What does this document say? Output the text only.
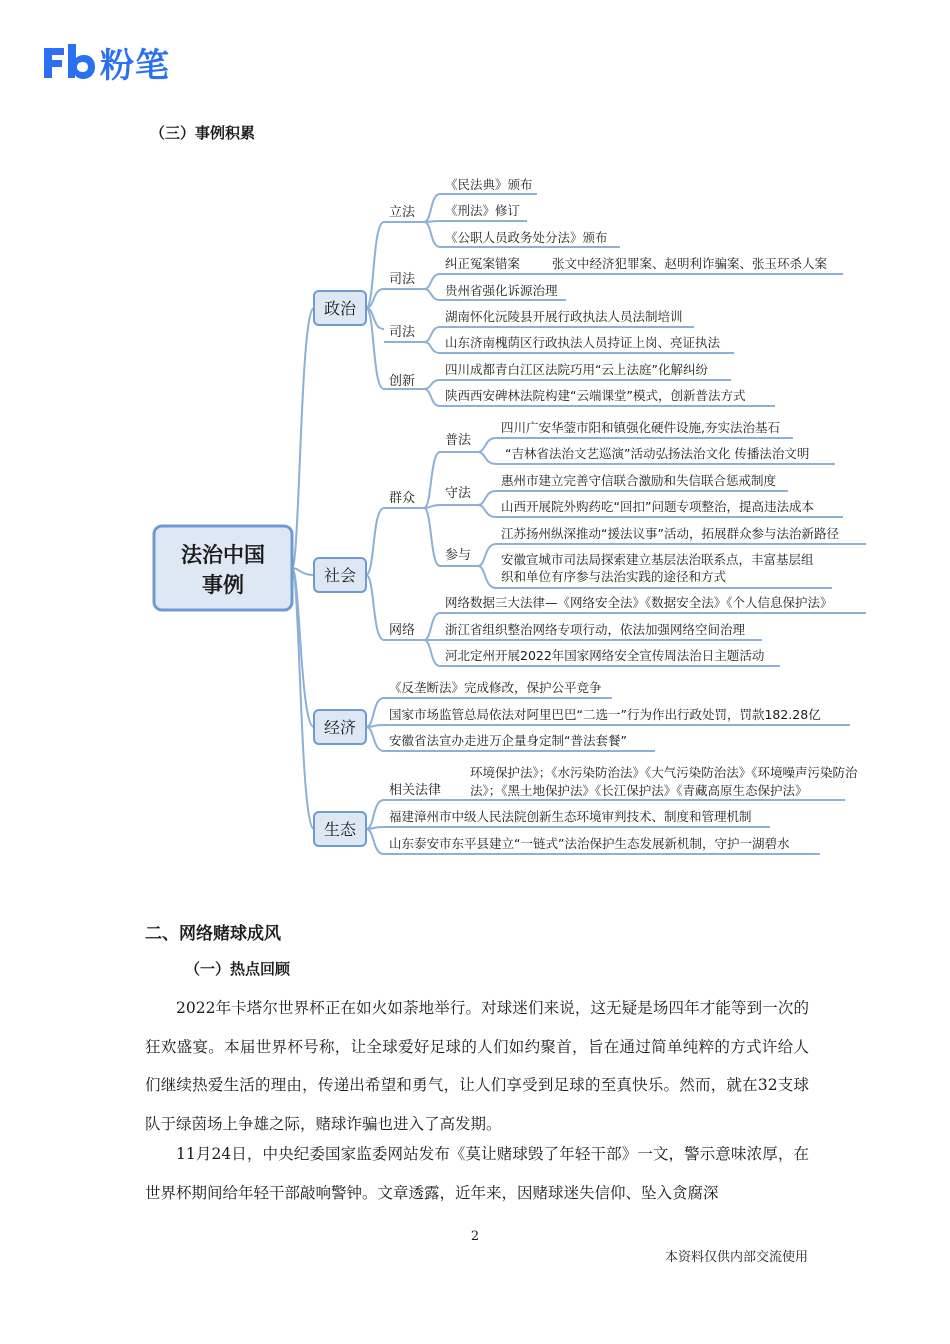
粉笔
（三）事例积累
法治中国
事例
政治
社会
经济
生态
立法
司法
司法
创新
《民法典》颁布
《刑法》修订
《公职人员政务处分法》颁布
纠正冤案错案	张文中经济犯罪案、赵明利诈骗案、张玉环杀人案
贵州省强化诉源治理
湖南怀化沅陵县开展行政执法人员法制培训
山东济南槐荫区行政执法人员持证上岗、亮证执法
四川成都青白江区法院巧用“云上法庭”化解纠纷
陕西西安碑林法院构建“云端课堂”模式，创新普法方式
群众
网络
普法
守法
参与
四川广安华蓥市阳和镇强化硬件设施,夯实法治基石
“吉林省法治文艺巡演”活动弘扬法治文化 传播法治文明
惠州市建立完善守信联合激励和失信联合惩戒制度
山西开展院外购药吃“回扣”问题专项整治，提高违法成本
江苏扬州纵深推动“援法议事”活动，拓展群众参与法治新路径
安徽宣城市司法局探索建立基层法治联系点，丰富基层组
织和单位有序参与法治实践的途径和方式
网络数据三大法律—《网络安全法》《数据安全法》《个人信息保护法》
浙江省组织整治网络专项行动，依法加强网络空间治理
河北定州开展2022年国家网络安全宣传周法治日主题活动
《反垄断法》完成修改，保护公平竞争
国家市场监管总局依法对阿里巴巴“二选一”行为作出行政处罚，罚款182.28亿
安徽省法宣办走进万企量身定制“普法套餐”
相关法律
环境保护法》；《水污染防治法》《大气污染防治法》《环境噪声污染防治
法》；《黑土地保护法》《长江保护法》《青藏高原生态保护法》
福建漳州市中级人民法院创新生态环境审判技术、制度和管理机制
山东泰安市东平县建立“一链式”法治保护生态发展新机制，守护一湖碧水
二、网络赌球成风
（一）热点回顾
2022年卡塔尔世界杯正在如火如荼地举行。对球迷们来说，这无疑是场四年才能等到一次的狂欢盛宴。本届世界杯号称，让全球爱好足球的人们如约聚首，旨在通过简单纯粹的方式许给人们继续热爱生活的理由，传递出希望和勇气，让人们享受到足球的至真快乐。然而，就在32支球队于绿茵场上争雄之际，赌球诈骗也进入了高发期。
11月24日，中央纪委国家监委网站发布《莫让赌球毁了年轻干部》一文，警示意味浓厚，在世界杯期间给年轻干部敲响警钟。文章透露，近年来，因赌球迷失信仰、坠入贪腐深
2
本资料仅供内部交流使用
